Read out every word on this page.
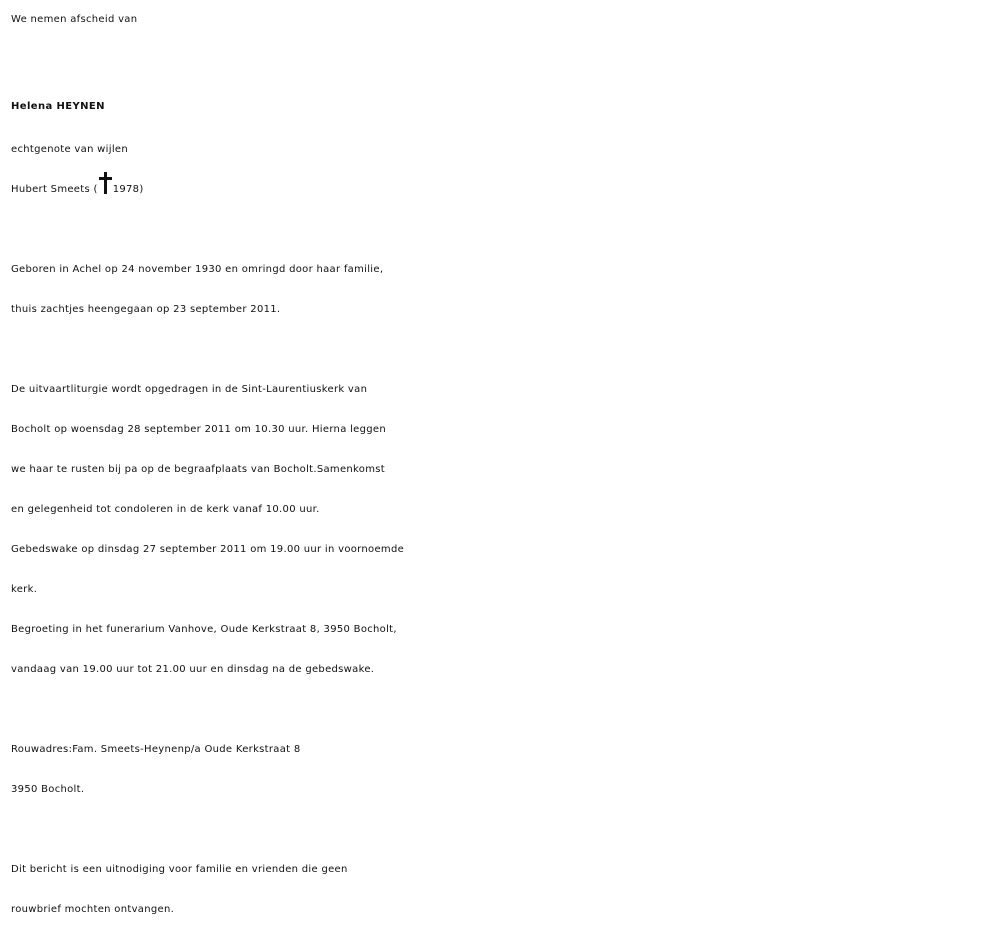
We nemen afscheid van
Helena HEYNEN
echtgenote van wijlen
Hubert Smeets ( 1978)
Geboren in Achel op 24 november 1930 en omringd door haar familie,
thuis zachtjes heengegaan op 23 september 2011.
De uitvaartliturgie wordt opgedragen in de Sint-Laurentiuskerk van
Bocholt op woensdag 28 september 2011 om 10.30 uur. Hierna leggen
we haar te rusten bij pa op de begraafplaats van Bocholt.Samenkomst
en gelegenheid tot condoleren in de kerk vanaf 10.00 uur.
Gebedswake op dinsdag 27 september 2011 om 19.00 uur in voornoemde
kerk.
Begroeting in het funerarium Vanhove, Oude Kerkstraat 8, 3950 Bocholt,
vandaag van 19.00 uur tot 21.00 uur en dinsdag na de gebedswake.
Rouwadres:Fam. Smeets-Heynenp/a Oude Kerkstraat 8
3950 Bocholt.
Dit bericht is een uitnodiging voor familie en vrienden die geen
rouwbrief mochten ontvangen.
